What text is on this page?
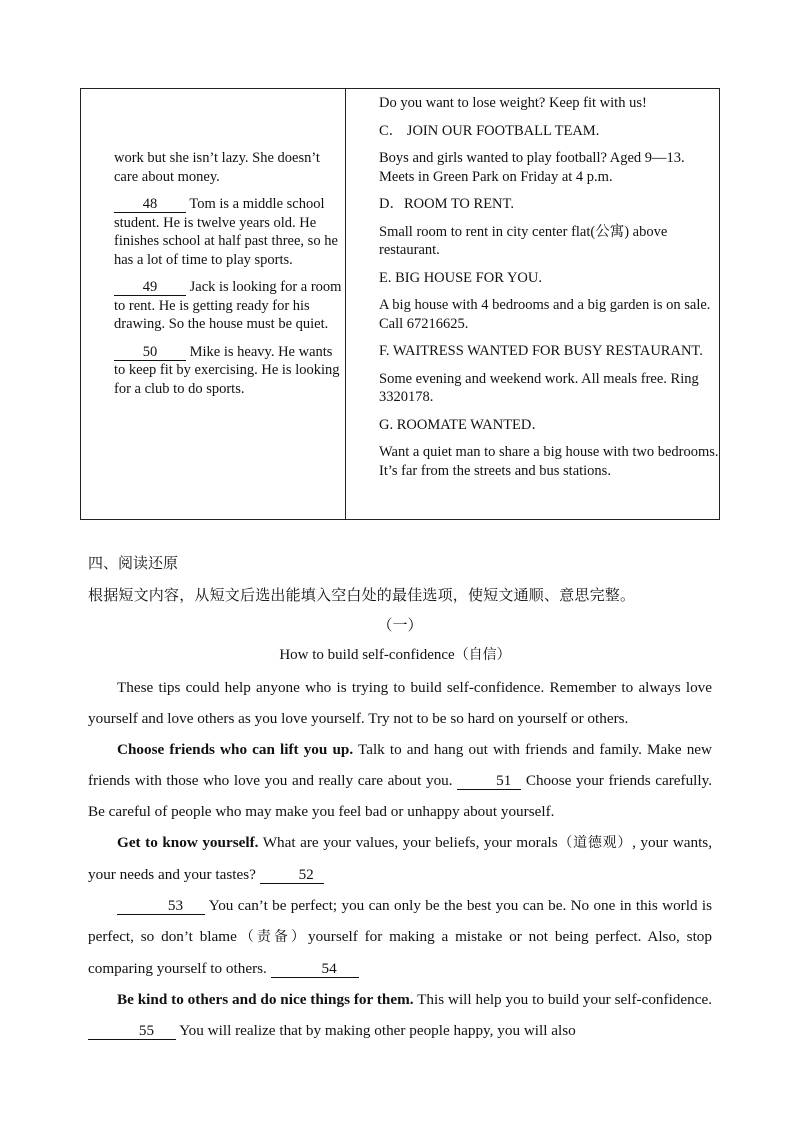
work but she isn’t lazy. She doesn’t care about money.

48 Tom is a middle school student. He is twelve years old. He finishes school at half past three, so he has a lot of time to play sports.

49 Jack is looking for a room to rent. He is getting ready for his drawing. So the house must be quiet.

50 Mike is heavy. He wants to keep fit by exercising. He is looking for a club to do sports.

Do you want to lose weight? Keep fit with us!

C． JOIN OUR FOOTBALL TEAM.

Boys and girls wanted to play football? Aged 9—13. Meets in Green Park on Friday at 4 p.m.

D．ROOM TO RENT.

Small room to rent in city center flat(公寓) above restaurant.

E. BIG HOUSE FOR YOU.

A big house with 4 bedrooms and a big garden is on sale. Call 67216625.

F. WAITRESS WANTED FOR BUSY RESTAURANT.

Some evening and weekend work. All meals free. Ring 3320178.

G. ROOMATE WANTED．

Want a quiet man to share a big house with two bedrooms. It’s far from the streets and bus stations.

四、阅读还原
根据短文内容，从短文后选出能填入空白处的最佳选项，使短文通顺、意思完整。
（一）
How to build self-confidence（自信）

These tips could help anyone who is trying to build self-confidence. Remember to always love yourself and love others as you love yourself. Try not to be so hard on yourself or others.

Choose friends who can lift you up. Talk to and hang out with friends and family. Make new friends with those who love you and really care about you.	51 Choose your friends carefully. Be careful of people who may make you feel bad or unhappy about yourself.

Get to know yourself. What are your values, your beliefs, your morals（道德观）, your wants, your needs and your tastes?	52

53 You can’t be perfect; you can only be the best you can be. No one in this world is perfect, so don’t blame（责备）yourself for making a mistake or not being perfect. Also, stop comparing yourself to others.	54

Be kind to others and do nice things for them. This will help you to build your self-confidence. 55 You will realize that by making other people happy, you will also
